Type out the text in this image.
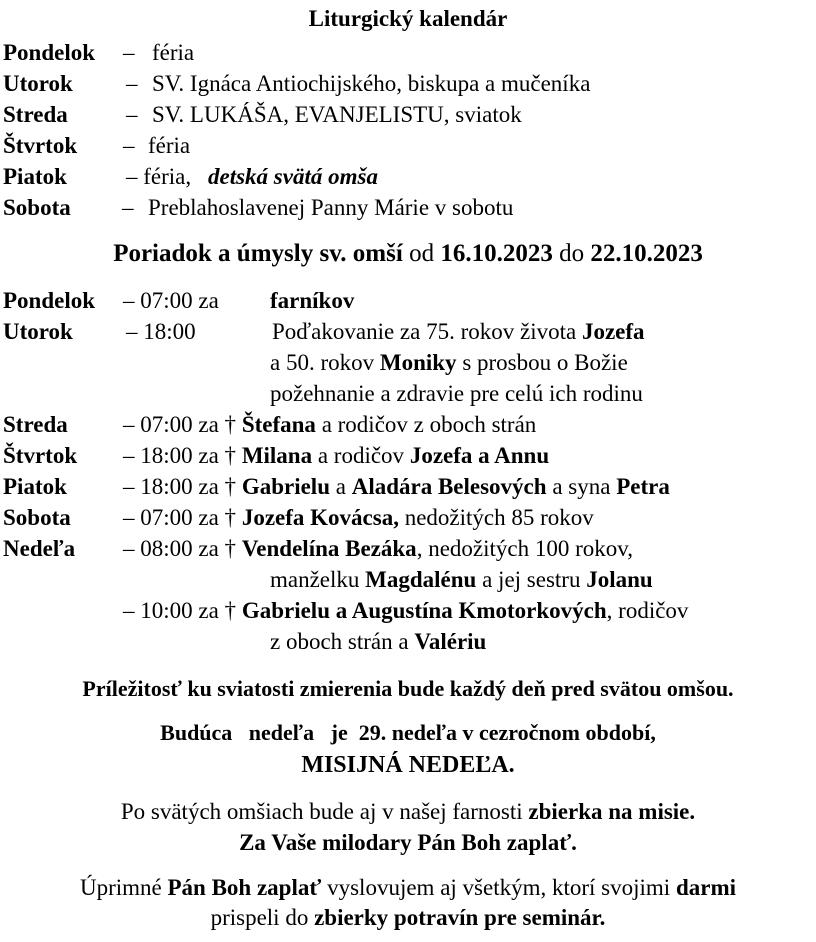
Liturgický kalendár
Pondelok – féria
Utorok – SV. Ignáca Antiochijského, biskupa a mučeníka
Streda	– SV. LUKÁŠA, EVANJELISTU, sviatok
Štvrtok – féria
Piatok	– féria, detská svätá omša
Sobota – Preblahoslavenej Panny Márie v sobotu
Poriadok a úmysly sv. omší od 16.10.2023 do 22.10.2023
Pondelok – 07:00 za farníkov
Utorok – 18:00	Poďakovanie za 75. rokov života Jozefa
a 50. rokov Moniky s prosbou o Božie
požehnanie a zdravie pre celú ich rodinu
Streda – 07:00 za † Štefana a rodičov z oboch strán
Štvrtok – 18:00 za † Milana a rodičov Jozefa a Annu
Piatok – 18:00 za † Gabrielu a Aladára Belesových a syna Petra
Sobota – 07:00 za † Jozefa Kovácsa, nedožitých 85 rokov
Nedeľa – 08:00 za † Vendelína Bezáka, nedožitých 100 rokov,
manželku Magdalénu a jej sestru Jolanu
– 10:00 za † Gabrielu a Augustína Kmotorkových, rodičov
z oboch strán a Valériu
Príležitosť ku sviatosti zmierenia bude každý deň pred svätou omšou.
Budúca   nedeľa   je  29. nedeľa v cezročnom období,
MISIJNÁ NEDEĽA.
Po svätých omšiach bude aj v našej farnosti zbierka na misie.
Za Vaše milodary Pán Boh zaplať.
Úprimné Pán Boh zaplať vyslovujem aj všetkým, ktorí svojimi darmi
prispeli do zbierky potravín pre seminár.
